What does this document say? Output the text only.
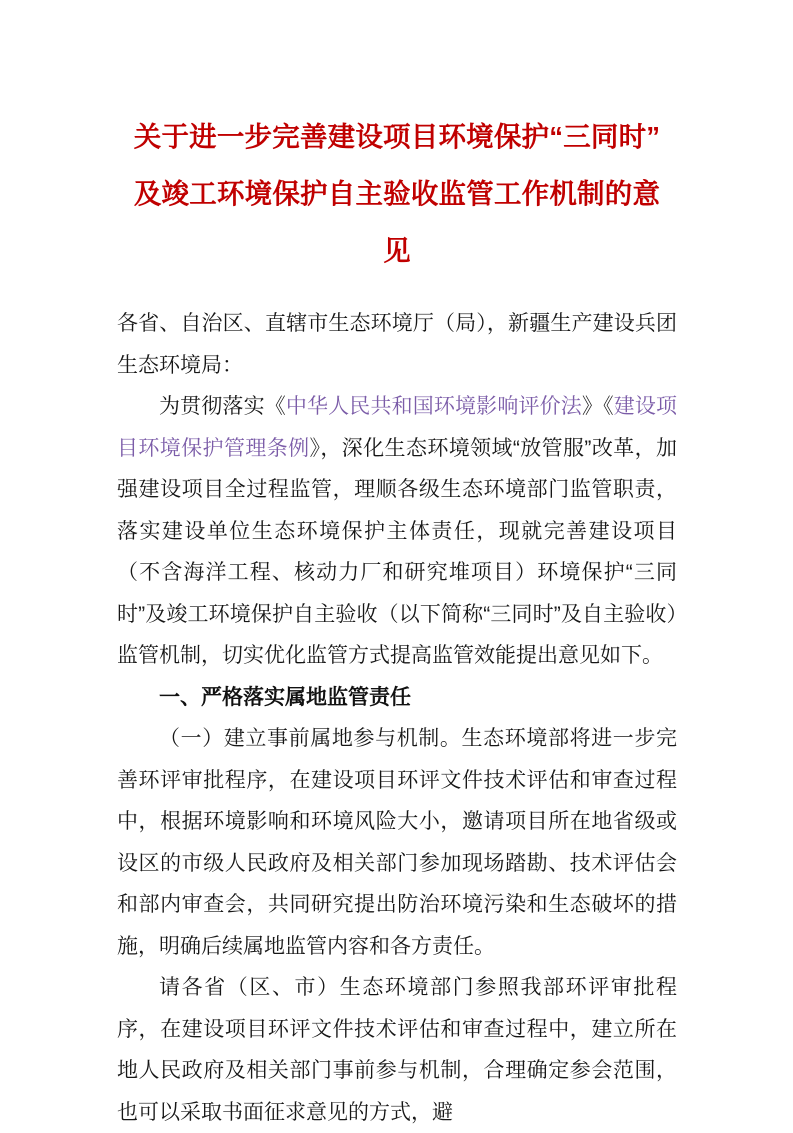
关于进一步完善建设项目环境保护“三同时”
及竣工环境保护自主验收监管工作机制的意
见

各省、自治区、直辖市生态环境厅（局），新疆生产建设兵团生态环境局：

为贯彻落实《中华人民共和国环境影响评价法》《建设项目环境保护管理条例》，深化生态环境领域“放管服”改革，加强建设项目全过程监管，理顺各级生态环境部门监管职责，落实建设单位生态环境保护主体责任，现就完善建设项目（不含海洋工程、核动力厂和研究堆项目）环境保护“三同时”及竣工环境保护自主验收（以下简称“三同时”及自主验收）监管机制，切实优化监管方式提高监管效能提出意见如下。

一、严格落实属地监管责任

（一）建立事前属地参与机制。生态环境部将进一步完善环评审批程序，在建设项目环评文件技术评估和审查过程中，根据环境影响和环境风险大小，邀请项目所在地省级或设区的市级人民政府及相关部门参加现场踏勘、技术评估会和部内审查会，共同研究提出防治环境污染和生态破坏的措施，明确后续属地监管内容和各方责任。

请各省（区、市）生态环境部门参照我部环评审批程序，在建设项目环评文件技术评估和审查过程中，建立所在地人民政府及相关部门事前参与机制，合理确定参会范围，也可以采取书面征求意见的方式，避
